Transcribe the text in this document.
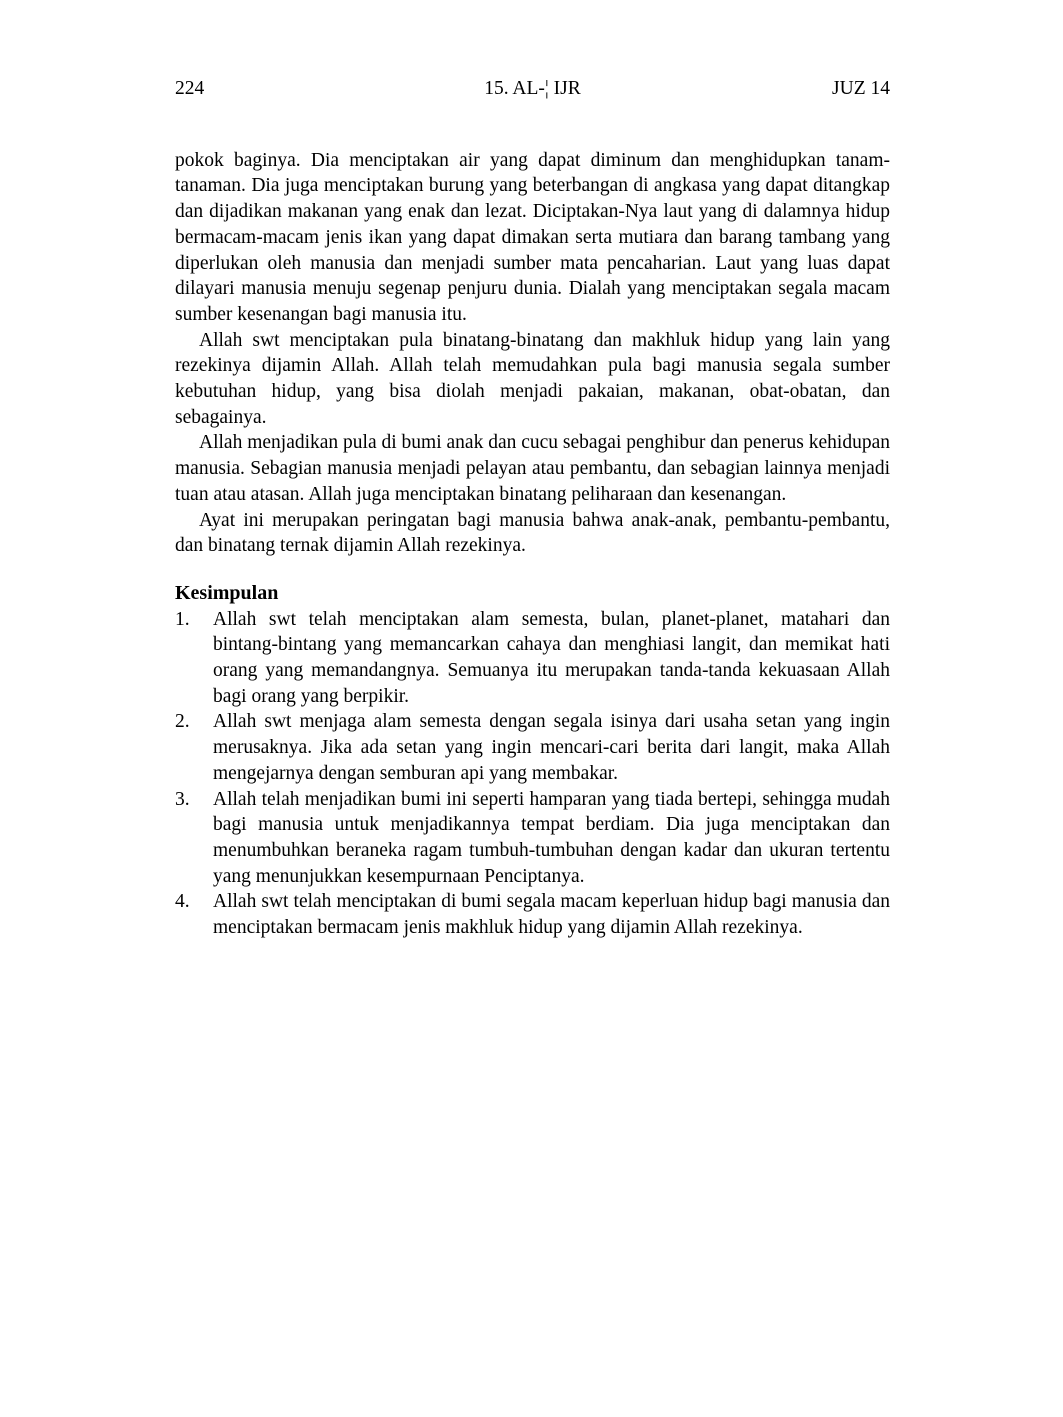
224	15. AL-¦ IJR	JUZ 14

pokok baginya. Dia menciptakan air yang dapat diminum dan menghidupkan tanam-tanaman. Dia juga menciptakan burung yang beterbangan di angkasa yang dapat ditangkap dan dijadikan makanan yang enak dan lezat. Diciptakan-Nya laut yang di dalamnya hidup bermacam-macam jenis ikan yang dapat dimakan serta mutiara dan barang tambang yang diperlukan oleh manusia dan menjadi sumber mata pencaharian. Laut yang luas dapat dilayari manusia menuju segenap penjuru dunia. Dialah yang menciptakan segala macam sumber kesenangan bagi manusia itu.

Allah swt menciptakan pula binatang-binatang dan makhluk hidup yang lain yang rezekinya dijamin Allah. Allah telah memudahkan pula bagi manusia segala sumber kebutuhan hidup, yang bisa diolah menjadi pakaian, makanan, obat-obatan, dan sebagainya.

Allah menjadikan pula di bumi anak dan cucu sebagai penghibur dan penerus kehidupan manusia. Sebagian manusia menjadi pelayan atau pembantu, dan sebagian lainnya menjadi tuan atau atasan. Allah juga menciptakan binatang peliharaan dan kesenangan.

Ayat ini merupakan peringatan bagi manusia bahwa anak-anak, pembantu-pembantu, dan binatang ternak dijamin Allah rezekinya.

Kesimpulan
1.	Allah swt telah menciptakan alam semesta, bulan, planet-planet, matahari dan bintang-bintang yang memancarkan cahaya dan menghiasi langit, dan memikat hati orang yang memandangnya. Semuanya itu merupakan tanda-tanda kekuasaan Allah bagi orang yang berpikir.
2.	Allah swt menjaga alam semesta dengan segala isinya dari usaha setan yang ingin merusaknya. Jika ada setan yang ingin mencari-cari berita dari langit, maka Allah mengejarnya dengan semburan api yang membakar.
3.	Allah telah menjadikan bumi ini seperti hamparan yang tiada bertepi, sehingga mudah bagi manusia untuk menjadikannya tempat berdiam. Dia juga menciptakan dan menumbuhkan beraneka ragam tumbuh-tumbuhan dengan kadar dan ukuran tertentu yang menunjukkan kesempurnaan Penciptanya.
4.	Allah swt telah menciptakan di bumi segala macam keperluan hidup bagi manusia dan menciptakan bermacam jenis makhluk hidup yang dijamin Allah rezekinya.
